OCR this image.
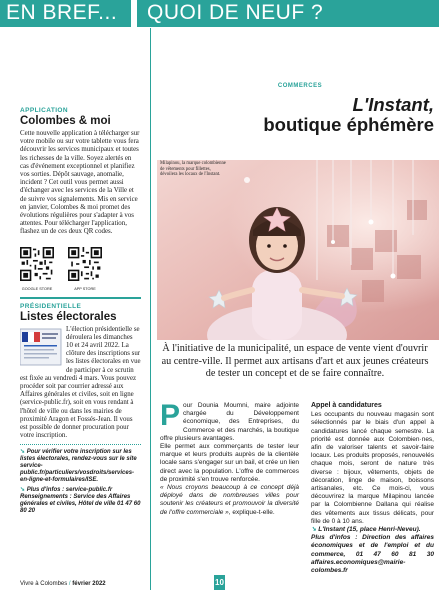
EN BREF... QUOI DE NEUF ?
APPLICATION
Colombes & moi

Cette nouvelle application à télécharger sur votre mobile ou sur votre tablette vous fera découvrir les services municipaux et toutes les richesses de la ville. Soyez alertés en cas d'événement exceptionnel et planifiez vos sorties. Dépôt sauvage, anomalie, incident ? Cet outil vous permet aussi d'échanger avec les services de la Ville et de suivre vos signalements. Mis en service en janvier, Colombes & moi promet des évolutions régulières pour s'adapter à vos attentes. Pour télécharger l'application, flashez un de ces deux QR codes.

GOOGLE STORE	APP STORE
PRÉSIDENTIELLE
Listes électorales

L'élection présidentielle se déroulera les dimanches 10 et 24 avril 2022. La clôture des inscriptions sur les listes électorales en vue de participer à ce scrutin est fixée au vendredi 4 mars. Vous pouvez procéder soit par courrier adressé aux Affaires générales et civiles, soit en ligne (service-public.fr), soit en vous rendant à l'hôtel de ville ou dans les mairies de proximité Aragon et Fossés-Jean. Il vous est possible de donner procuration pour votre inscription.

➘ Pour vérifier votre inscription sur les listes électorales, rendez-vous sur le site service-public.fr/particuliers/vosdroits/services-en-ligne-et-formulaires/ISE.

➘ Plus d'infos : service-public.fr Renseignements : Service des Affaires générales et civiles, Hôtel de ville 01 47 60 80 20

COMMERCES
L'Instant,
boutique éphémère
Milapinou, la marque colombienne de vêtements pour fillettes, dévoilera les locaux de l'Instant.
À l'initiative de la municipalité, un espace de vente vient d'ouvrir au centre-ville. Il permet aux artisans d'art et aux jeunes créateurs de tester un concept et de se faire connaître.

Pour Dounia Moumni, maire adjointe chargée du Développement économique, des Entreprises, du Commerce et des marchés, la boutique offre plusieurs avantages.

Elle permet aux commerçants de tester leur marque et leurs produits auprès de la clientèle locale sans s'engager sur un bail, et crée un lien direct avec la population. L'offre de commerces de proximité s'en trouve renforcée.

« Nous croyons beaucoup à ce concept déjà déployé dans de nombreuses villes pour soutenir les créateurs et promouvoir la diversité de l'offre commerciale », explique-t-elle.

Appel à candidatures

Les occupants du nouveau magasin sont sélectionnés par le biais d'un appel à candidatures lancé chaque semestre. La priorité est donnée aux Colombien·nes, afin de valoriser talents et savoir-faire locaux. Les produits proposés, renouvelés chaque mois, seront de nature très diverse : bijoux, vêtements, objets de décoration, linge de maison, boissons artisanales, etc. Ce mois-ci, vous découvrirez la marque Milapinou lancée par la Colombienne Dallana qui réalise des vêtements aux tissus délicats, pour fille de 0 à 10 ans.

➘ L'Instant (15, place Henri-Neveu).

Plus d'infos : Direction des affaires économiques et de l'emploi et du commerce, 01 47 60 81 30 affaires.economiques@mairie-colombes.fr

Vivre à Colombes / février 2022	10
